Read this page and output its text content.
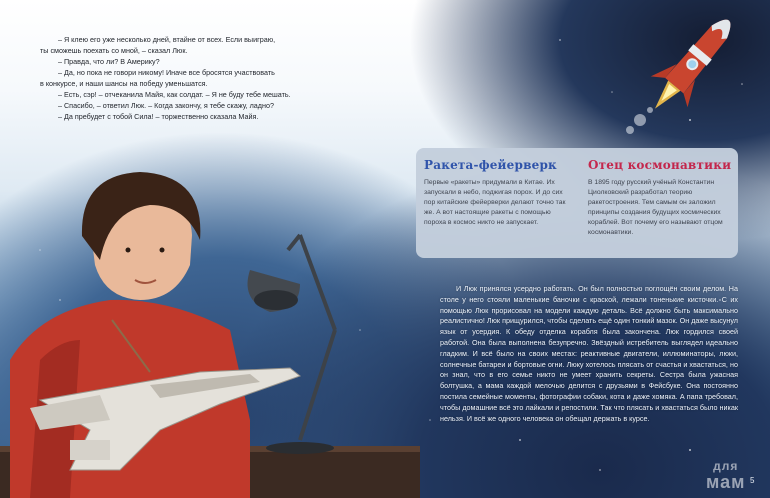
– Я клею его уже несколько дней, втайне от всех. Если выиграю,
ты сможешь поехать со мной, – сказал Люк.
– Правда, что ли? В Америку?
– Да, но пока не говори никому! Иначе все бросятся участвовать
в конкурсе, и наши шансы на победу уменьшатся.
– Есть, сэр! – отчеканила Майя, как солдат. – Я не буду тебе мешать.
– Спасибо, – ответил Люк. – Когда закончу, я тебе скажу, ладно?
– Да пребудет с тобой Сила! – торжественно сказала Майя.
Ракета-фейерверк

Первые «ракеты» придумали в Китае. Их запускали в небо, поджигая порох. И до сих пор китайские фейерверки делают точно так же. А вот настоящие ракеты с помощью пороха в космос никто не запускает.

Отец космонавтики

В 1895 году русский учёный Константин Циолковский разработал теорию ракетостроения. Тем самым он заложил принципы создания будущих космических кораблей. Вот почему его называют отцом космонавтики.

И Люк принялся усердно работать. Он был полностью поглощён своим делом. На столе у него стояли маленькие баночки с краской, лежали тоненькие кисточки. С их помощью Люк прорисовал на модели каждую деталь. Всё должно быть максимально реалистично! Люк прищурился, чтобы сделать ещё один тонкий мазок. Он даже высунул язык от усердия. К обеду отделка корабля была закончена. Люк гордился своей работой. Она была выполнена безупречно. Звёздный истребитель выглядел идеально гладким. И всё было на своих местах: реактивные двигатели, иллюминаторы, люки, солнечные батареи и бортовые огни. Люку хотелось плясать от счастья и хвастаться, но он знал, что в его семье никто не умеет хранить секреты. Сестра была ужасная болтушка, а мама каждой мелочью делится с друзьями в Фейсбуке. Она постоянно постила семейные моменты, фотографии собаки, кота и даже хомяка. А папа требовал, чтобы домашние всё это лайкали и репостили. Так что плясать и хвастаться было никак нельзя. И всё же одного человека он обещал держать в курсе.

для
мам 5
